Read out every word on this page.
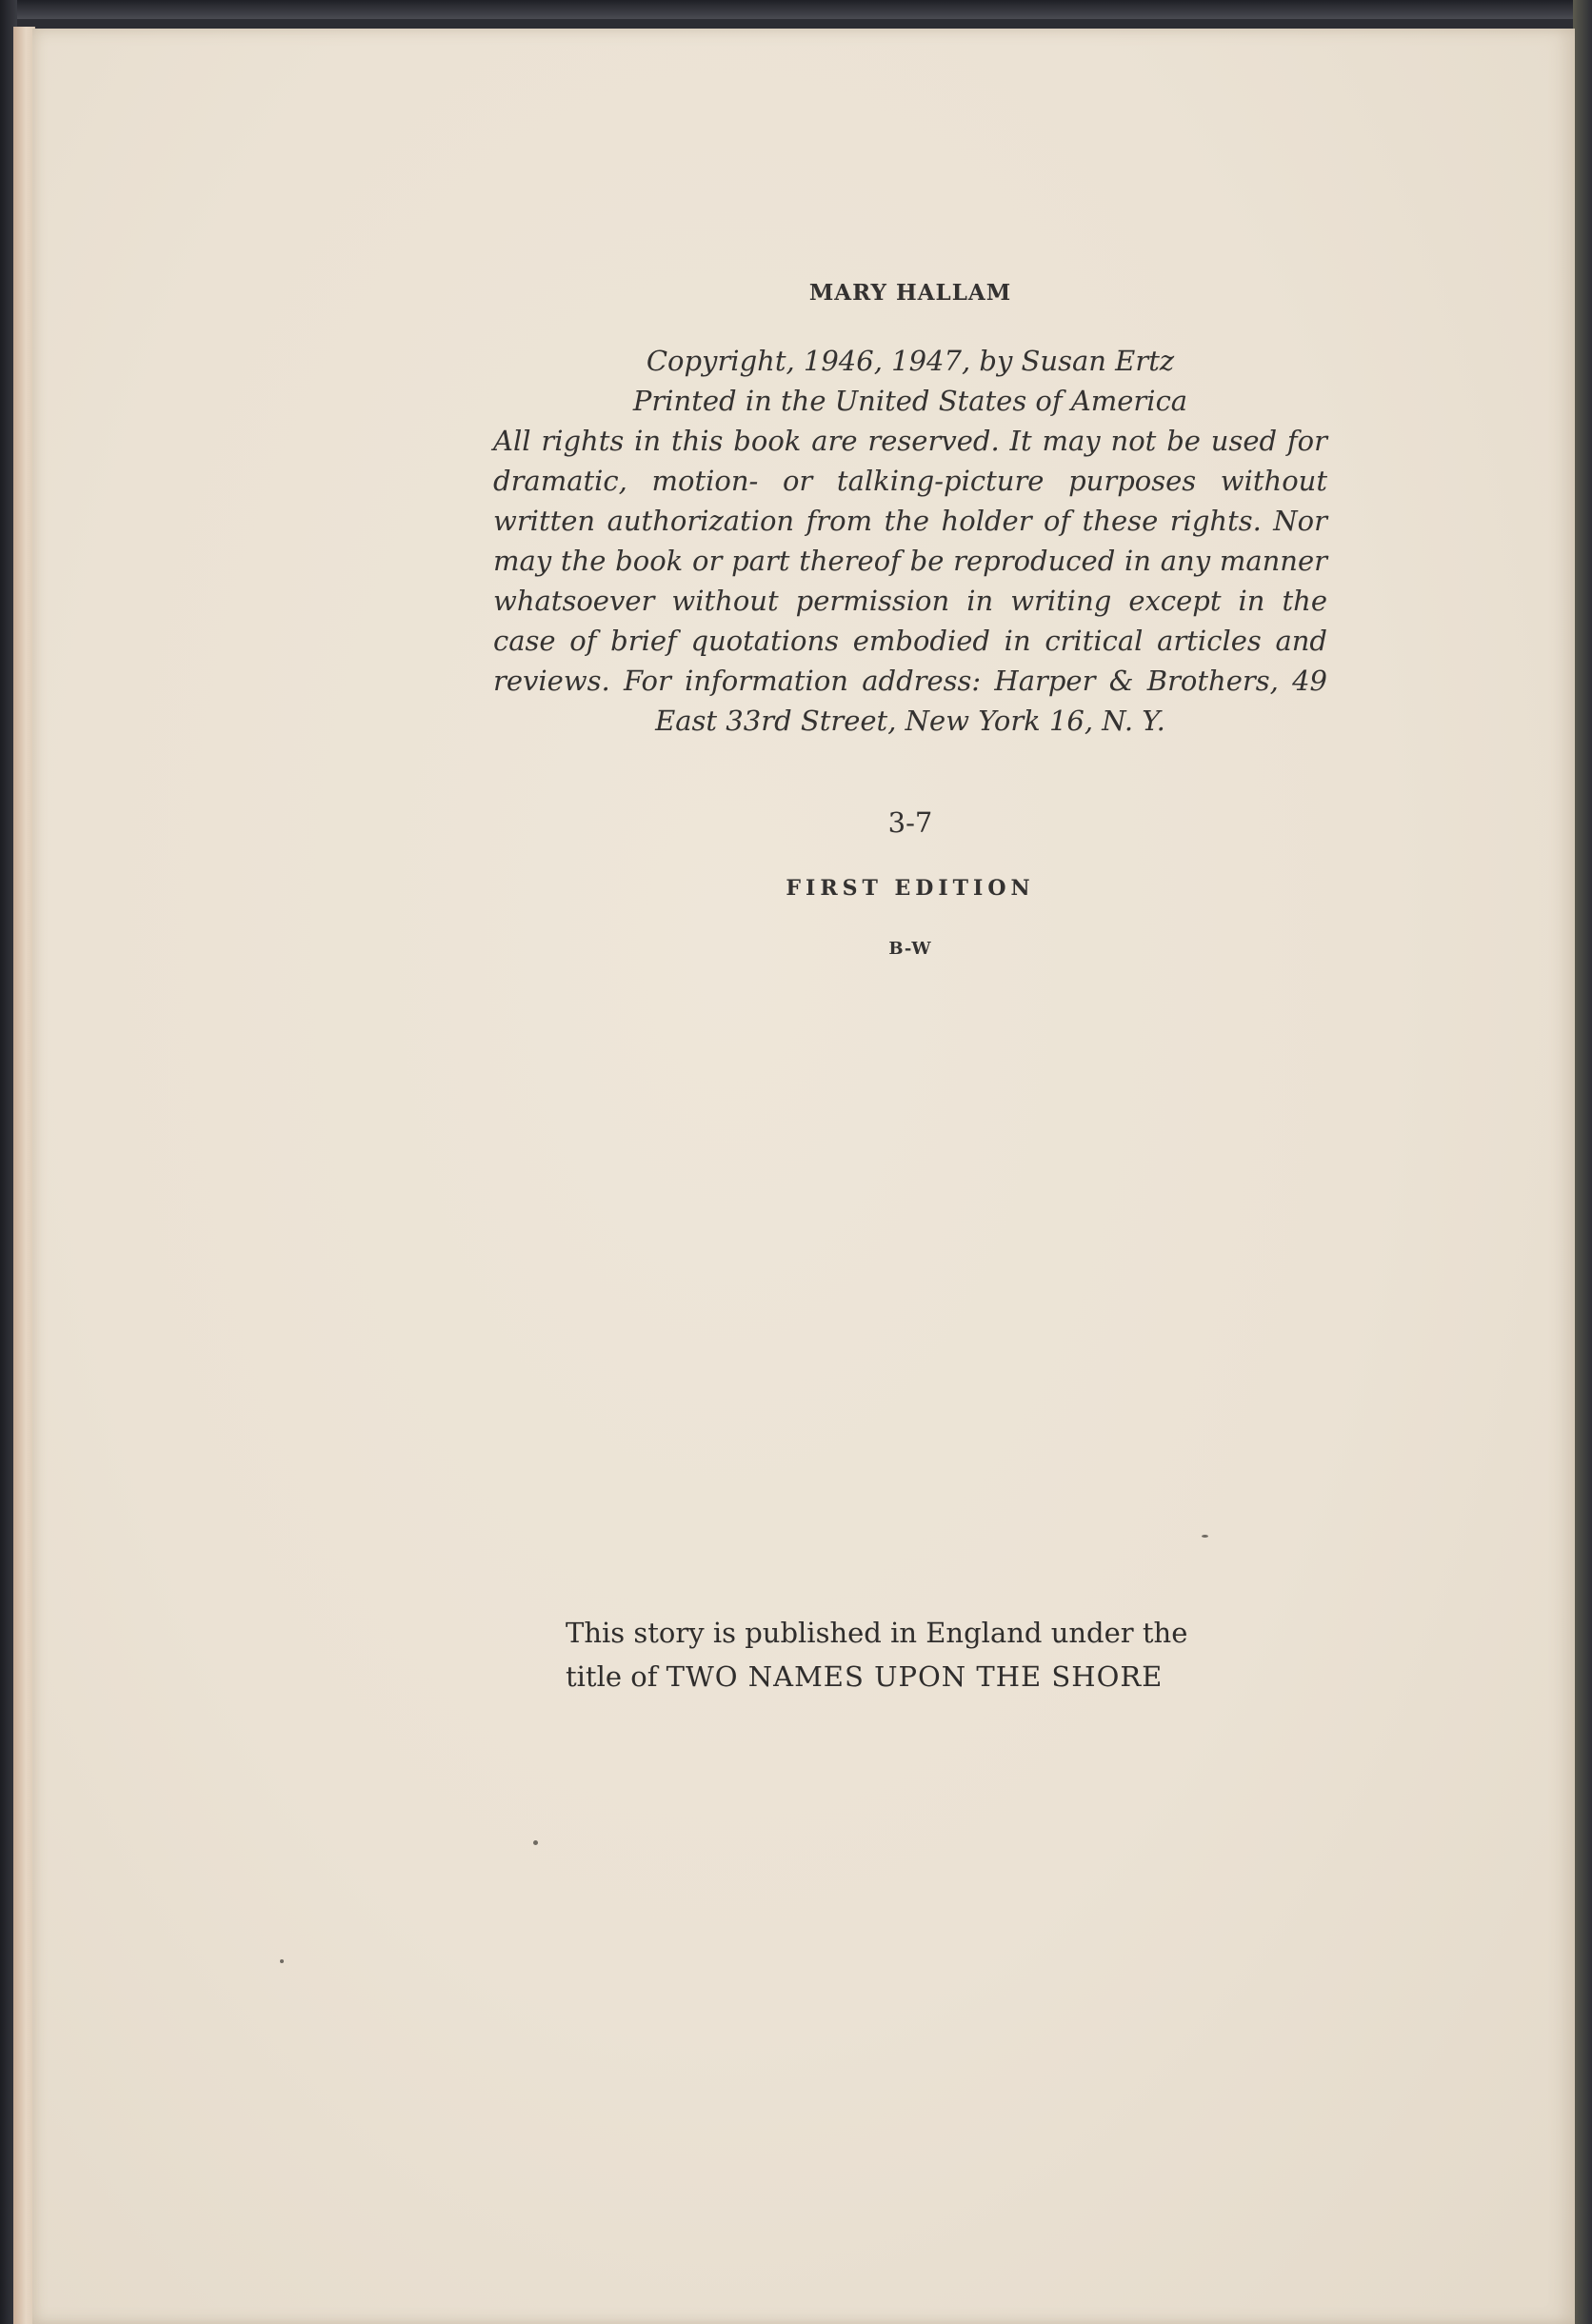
MARY HALLAM
Copyright, 1946, 1947, by Susan Ertz
Printed in the United States of America
All rights in this book are reserved. It may not be used for dramatic, motion- or talking-picture purposes without written authorization from the holder of these rights. Nor may the book or part thereof be reproduced in any manner whatsoever without permission in writing except in the case of brief quotations embodied in critical articles and reviews. For information address: Harper & Brothers, 49 East 33rd Street, New York 16, N. Y.
3-7
FIRST EDITION
B-W
This story is published in England under the
title of TWO NAMES UPON THE SHORE
